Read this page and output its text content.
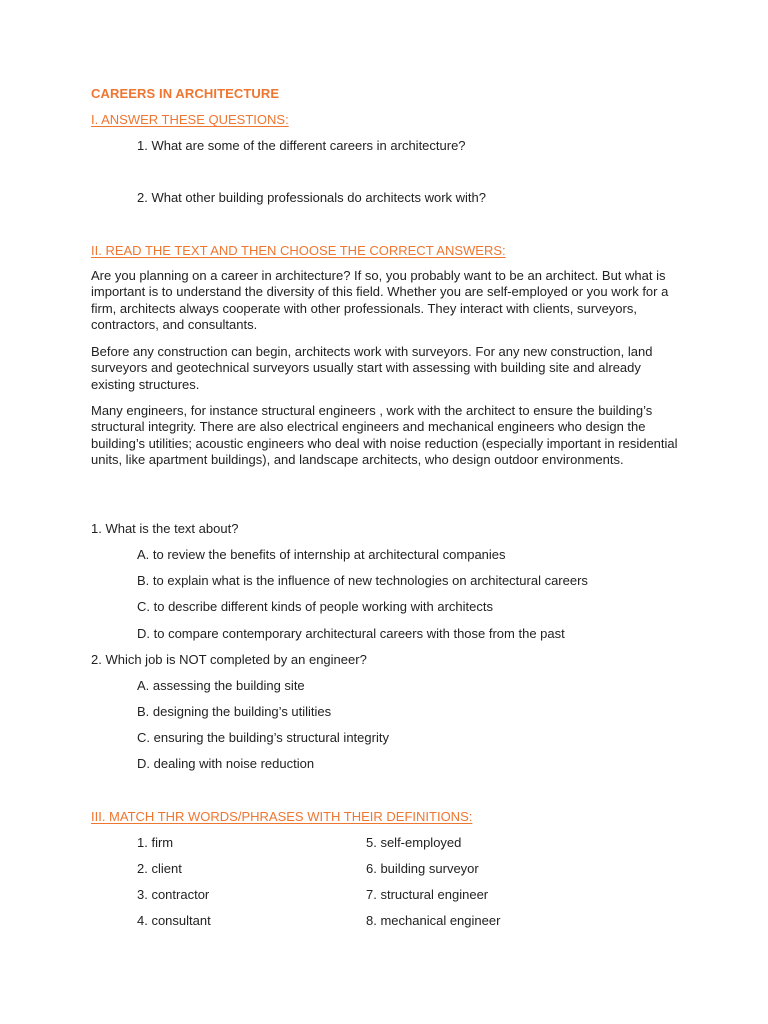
CAREERS IN ARCHITECTURE
I. ANSWER THESE QUESTIONS:
1. What are some of the different careers in architecture?
2. What other building professionals do architects work with?
II. READ THE TEXT AND THEN CHOOSE THE CORRECT ANSWERS:
Are you planning on a career in architecture? If so, you probably want to be an architect. But what is important is to understand the diversity of this field. Whether you are self-employed or you work for a firm, architects always cooperate with other professionals. They interact with clients, surveyors, contractors, and consultants.
Before any construction can begin, architects work with surveyors. For any new construction, land surveyors and geotechnical surveyors usually start with assessing with building site and already existing structures.
Many engineers, for instance structural engineers , work with the architect to ensure the building’s structural integrity. There are also electrical engineers and mechanical engineers who design the building’s utilities; acoustic engineers who deal with noise reduction (especially important in residential units, like apartment buildings), and landscape architects, who design outdoor environments.
1. What is the text about?
A. to review the benefits of internship at architectural companies
B. to explain what is the influence of new technologies on architectural careers
C. to describe different kinds of people working with architects
D. to compare contemporary architectural careers with those from the past
2. Which job is NOT completed by an engineer?
A. assessing the building site
B. designing the building’s utilities
C. ensuring the building’s structural integrity
D. dealing with noise reduction
III. MATCH THR WORDS/PHRASES WITH THEIR DEFINITIONS:
1. firm
2. client
3. contractor
4. consultant
5. self-employed
6. building surveyor
7. structural engineer
8. mechanical engineer
